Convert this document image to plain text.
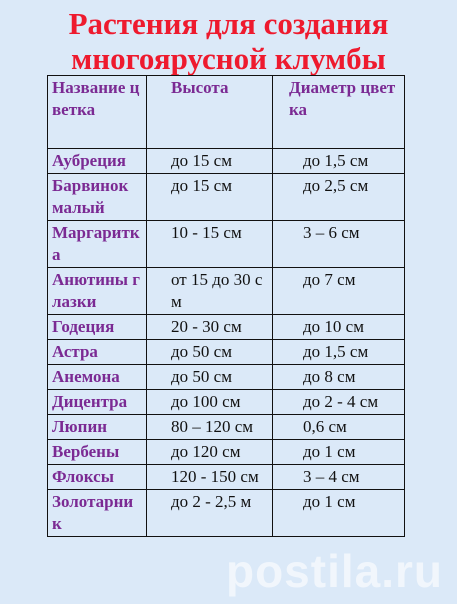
Растения для создания
многоярусной клумбы
Название цветка	Высота	Диаметр цветка
Аубреция	до 15 см	до 1,5 см
Барвинок малый	до 15 см	до 2,5 см
Маргаритка	10 - 15 см	3 – 6 см
Анютины глазки	от 15 до 30 см	до 7 см
Годеция	20 - 30 см	до 10 см
Астра	до 50 см	до 1,5 см
Анемона	до 50 см	до 8 см
Дицентра	до 100 см	до 2 - 4 см
Люпин	80 – 120 см	0,6 см
Вербены	до 120 см	до 1 см
Флоксы	120 - 150 см	3 – 4 см
Золотарник	до 2 - 2,5 м	до 1 см
postila.ru
